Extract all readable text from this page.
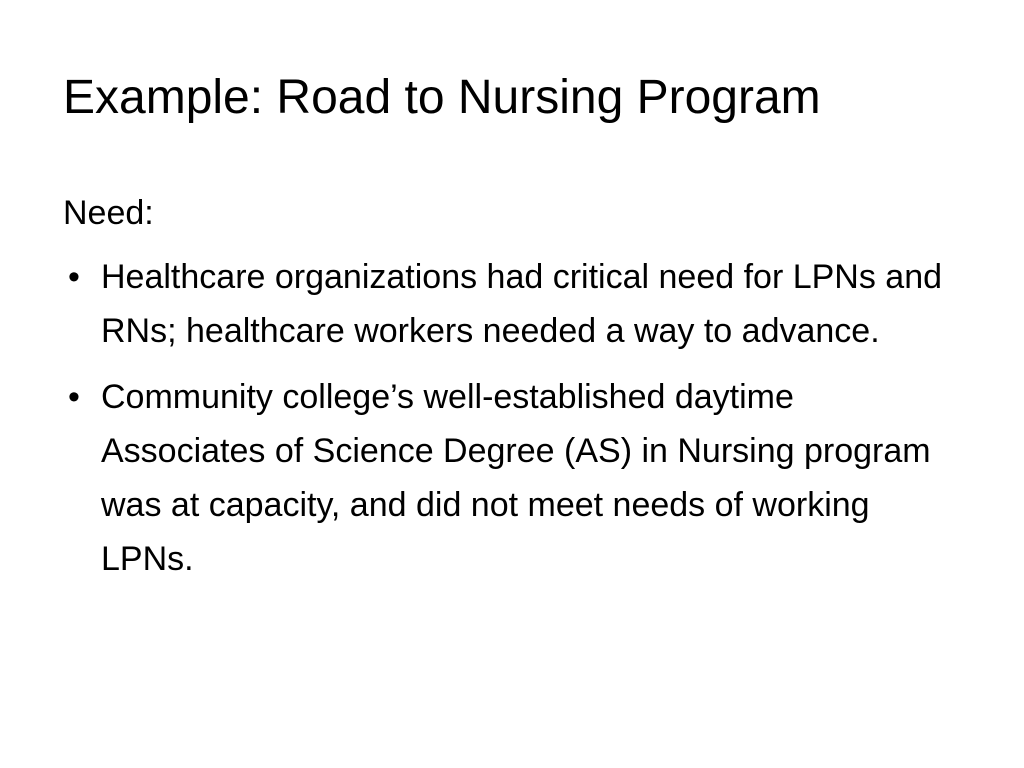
Example: Road to Nursing Program

Need:

• Healthcare organizations had critical need for LPNs and RNs; healthcare workers needed a way to advance.
• Community college’s well-established daytime Associates of Science Degree (AS) in Nursing program was at capacity, and did not meet needs of working LPNs.
